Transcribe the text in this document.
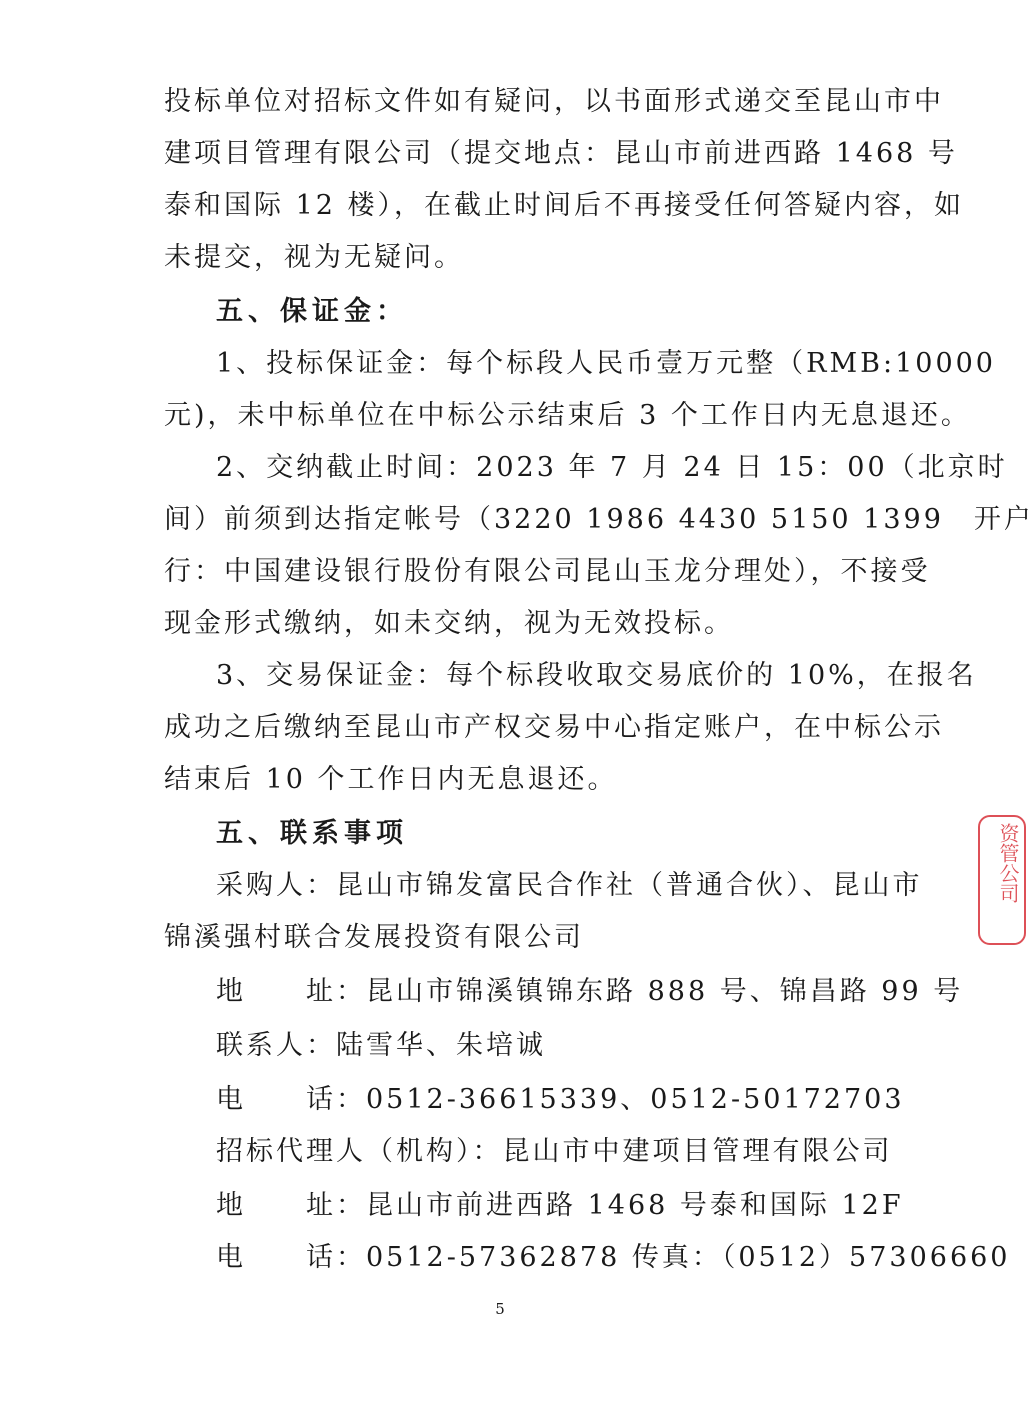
投标单位对招标文件如有疑问，以书面形式递交至昆山市中
建项目管理有限公司（提交地点：昆山市前进西路 1468 号
泰和国际 12 楼），在截止时间后不再接受任何答疑内容，如
未提交，视为无疑问。
五、保证金：
1、投标保证金：每个标段人民币壹万元整（RMB:10000
元)，未中标单位在中标公示结束后 3 个工作日内无息退还。
2、交纳截止时间：2023 年 7 月 24 日 15：00（北京时
间）前须到达指定帐号（3220 1986 4430 5150 1399　开户
行：中国建设银行股份有限公司昆山玉龙分理处），不接受
现金形式缴纳，如未交纳，视为无效投标。
3、交易保证金：每个标段收取交易底价的 10%，在报名
成功之后缴纳至昆山市产权交易中心指定账户，在中标公示
结束后 10 个工作日内无息退还。
五、联系事项
采购人：昆山市锦发富民合作社（普通合伙）、昆山市
锦溪强村联合发展投资有限公司
地　　址：昆山市锦溪镇锦东路 888 号、锦昌路 99 号
联系人：陆雪华、朱培诚
电　　话：0512-36615339、0512-50172703
招标代理人（机构）：昆山市中建项目管理有限公司
地　　址：昆山市前进西路 1468 号泰和国际 12F
电　　话：0512-57362878 传真：（0512）57306660
5
资管公司
